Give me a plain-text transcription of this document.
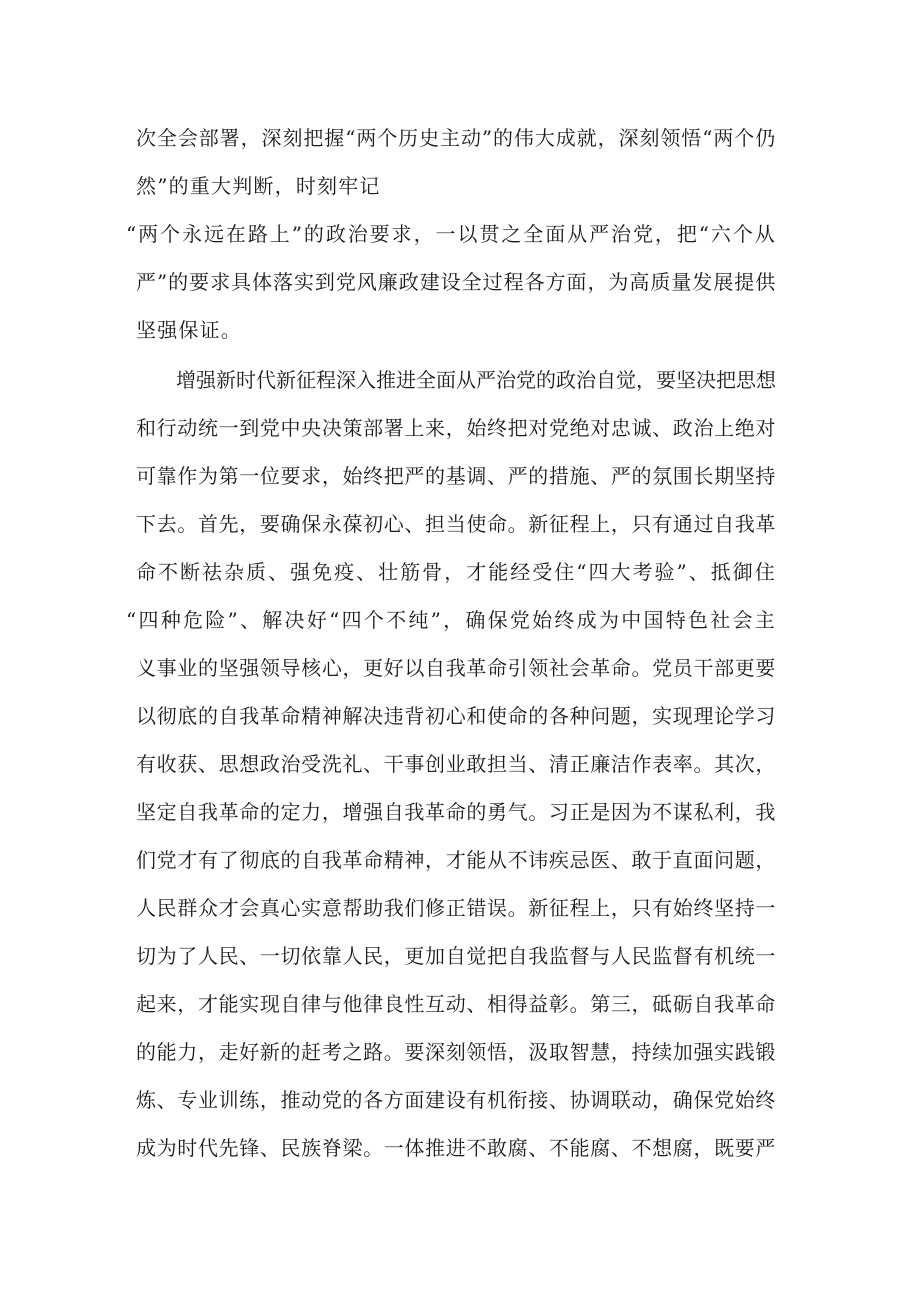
次全会部署，深刻把握“两个历史主动”的伟大成就，深刻领悟“两个仍
然”的重大判断，时刻牢记
“两个永远在路上”的政治要求，一以贯之全面从严治党，把“六个从
严”的要求具体落实到党风廉政建设全过程各方面，为高质量发展提供
坚强保证。
增强新时代新征程深入推进全面从严治党的政治自觉，要坚决把思想
和行动统一到党中央决策部署上来，始终把对党绝对忠诚、政治上绝对
可靠作为第一位要求，始终把严的基调、严的措施、严的氛围长期坚持
下去。首先，要确保永葆初心、担当使命。新征程上，只有通过自我革
命不断祛杂质、强免疫、壮筋骨，才能经受住“四大考验”、抵御住
“四种危险”、解决好“四个不纯”，确保党始终成为中国特色社会主
义事业的坚强领导核心，更好以自我革命引领社会革命。党员干部更要
以彻底的自我革命精神解决违背初心和使命的各种问题，实现理论学习
有收获、思想政治受洗礼、干事创业敢担当、清正廉洁作表率。其次，
坚定自我革命的定力，增强自我革命的勇气。习正是因为不谋私利，我
们党才有了彻底的自我革命精神，才能从不讳疾忌医、敢于直面问题，
人民群众才会真心实意帮助我们修正错误。新征程上，只有始终坚持一
切为了人民、一切依靠人民，更加自觉把自我监督与人民监督有机统一
起来，才能实现自律与他律良性互动、相得益彰。第三，砥砺自我革命
的能力，走好新的赶考之路。要深刻领悟，汲取智慧，持续加强实践锻
炼、专业训练，推动党的各方面建设有机衔接、协调联动，确保党始终
成为时代先锋、民族脊梁。一体推进不敢腐、不能腐、不想腐，既要严
